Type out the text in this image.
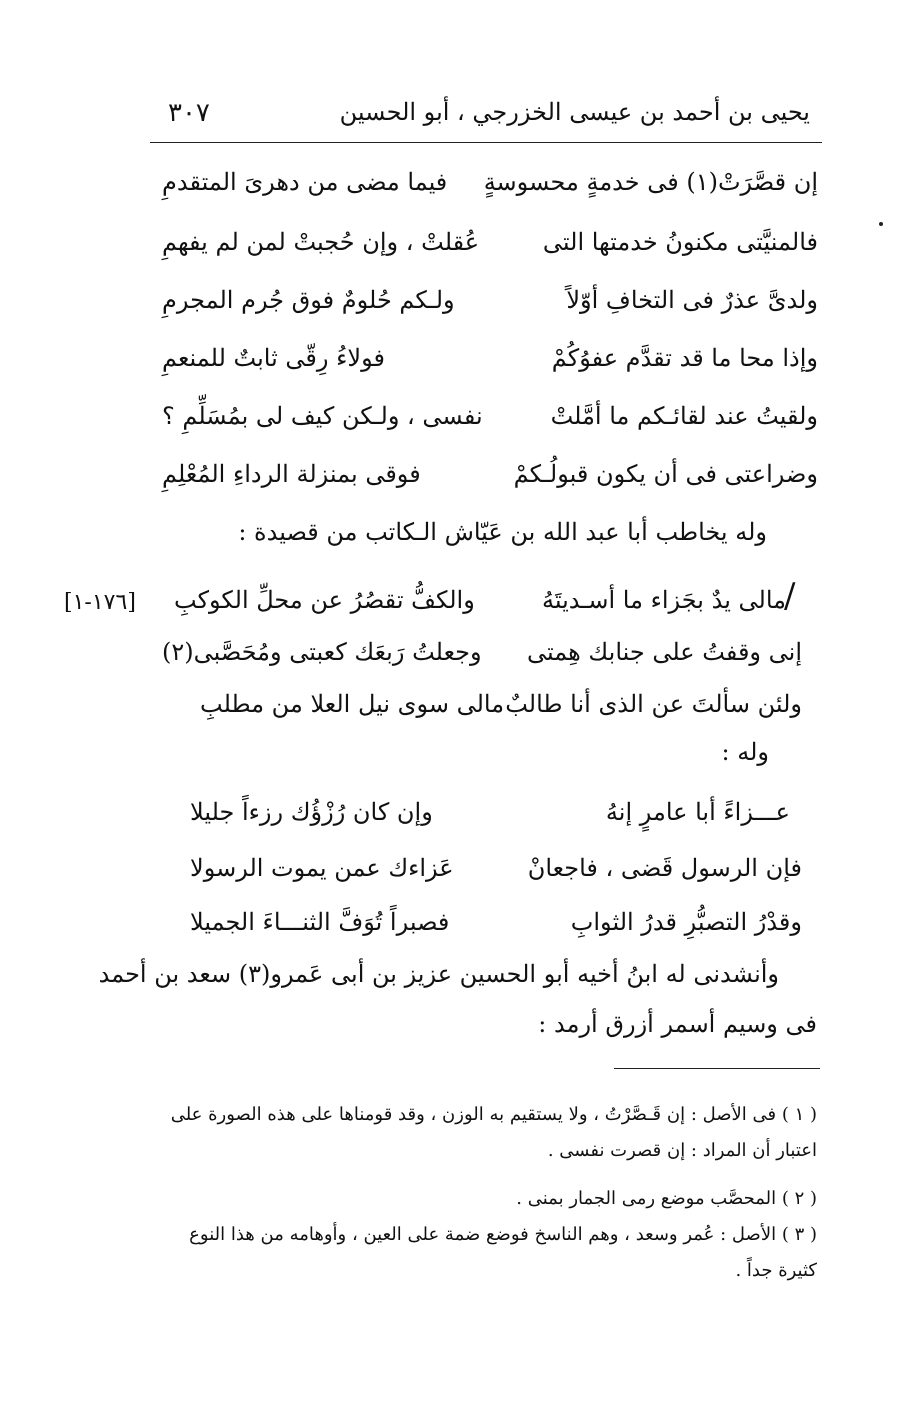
٣٠٧	يحيى بن أحمد بن عيسى الخزرجي ، أبو الحسين
إن قصَّرَتْ(١) فى خدمةٍ محسوسةٍ
فيما مضى من دهرىَ المتقدمِ
فالمنيَّتى مكنونُ خدمتها التى
عُقلتْ ، وإن حُجبتْ لمن لم يفهمِ
ولدىَّ عذرٌ فى التخافِ أوّلاً
ولـكم حُلومٌ فوق جُرم المجرمِ
وإذا محا ما قد تقدَّم عفوُكُمْ
فولاءُ رِقّى ثابتٌ للمنعمِ
ولقيتُ عند لقائـكم ما أمَّلتْ
نفسى ، ولـكن كيف لى بمُسَلِّمِ ؟
وضراعتى فى أن يكون قبولُـكمْ
فوقى بمنزلة الرداءِ المُعْلِمِ
وله يخاطب أبا عبد الله بن عَيّاش الـكاتب من قصيدة :
/
[١٧٦-١]	مالى يدٌ بجَزاء ما أسـديتَهُ
والكفُّ تقصُرُ عن محلِّ الكوكبِ
إنى وقفتُ على جنابك هِمتى
وجعلتُ رَبعَك كعبتى ومُحَصَّبى(٢)
ولئن سألتَ عن الذى أنا طالبٌ
مالى سوى نيل العلا من مطلبِ
وله :
عـــزاءً أبا عامرٍ إنهُ
وإن كان رُزْؤُك رزءاً جليلا
فإن الرسول قَضى ، فاجعانْ
عَزاءك عمن يموت الرسولا
وقدْرُ التصبُّرِ قدرُ الثوابِ
فصبراً تُوَفَّ الثنـــاءَ الجميلا
وأنشدنى له ابنُ أخيه أبو الحسين عزيز بن أبى عَمرو(٣) سعد بن أحمد
فى وسيم أسمر أزرق أرمد :
( ١ ) فى الأصل : إن قَـصَّرْتُ ، ولا يستقيم به الوزن ، وقد قومناها على هذه الصورة على
اعتبار أن المراد : إن قصرت نفسى .
( ٢ ) المحصَّب موضع رمى الجمار بمنى .
( ٣ ) الأصل : عُمر وسعد ، وهم الناسخ فوضع ضمة على العين ، وأوهامه من هذا النوع
كثيرة جداً .
